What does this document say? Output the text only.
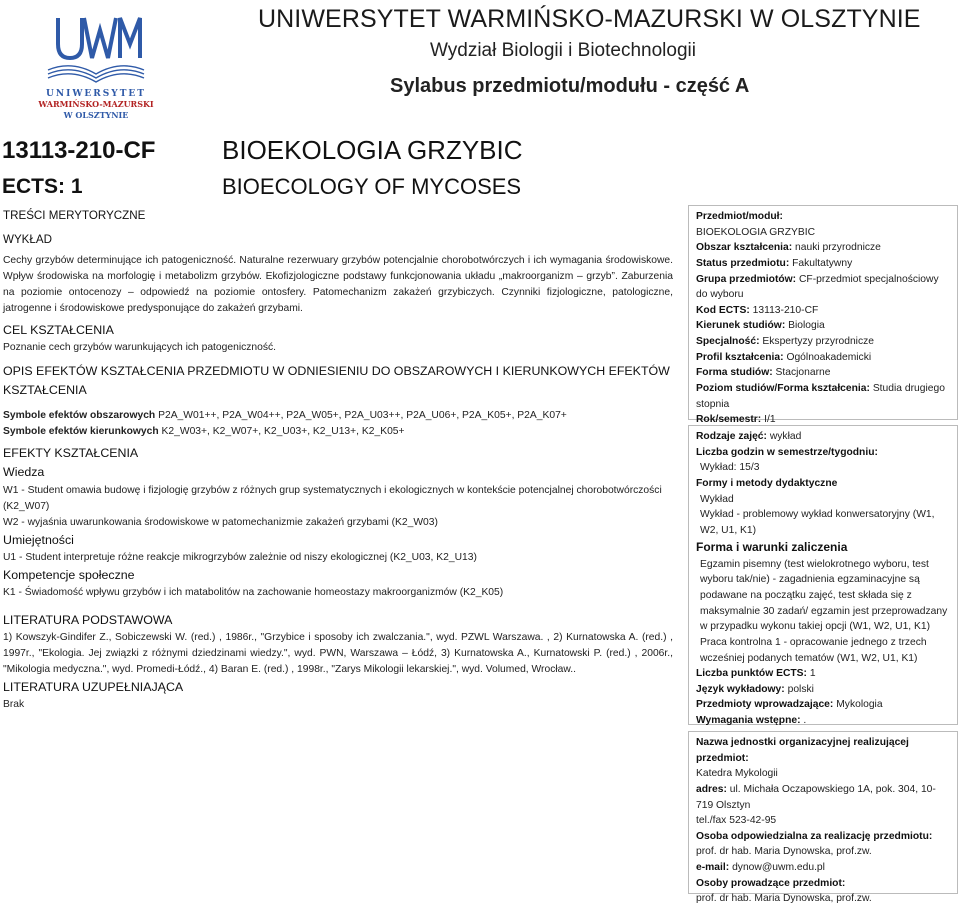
UNIWERSYTET
WARMIŃSKO-MAZURSKI
W OLSZTYNIE
UNIWERSYTET WARMIŃSKO-MAZURSKI W OLSZTYNIE
Wydział Biologii i Biotechnologii
Sylabus przedmiotu/modułu - część A
13113-210-CF
ECTS: 1
BIOEKOLOGIA GRZYBIC
BIOECOLOGY OF MYCOSES

TREŚCI MERYTORYCZNE

WYKŁAD

Cechy grzybów determinujące ich patogeniczność. Naturalne rezerwuary grzybów potencjalnie chorobotwórczych i ich wymagania środowiskowe. Wpływ środowiska na morfologię i metabolizm grzybów. Ekofizjologiczne podstawy funkcjonowania układu „makroorganizm – grzyb”. Zaburzenia na poziomie ontocenozy – odpowiedź na poziomie ontosfery. Patomechanizm zakażeń grzybiczych. Czynniki fizjologiczne, patologiczne, jatrogenne i środowiskowe predysponujące do zakażeń grzybami.

CEL KSZTAŁCENIA

Poznanie cech grzybów warunkujących ich patogeniczność.

OPIS EFEKTÓW KSZTAŁCENIA PRZEDMIOTU W ODNIESIENIU DO OBSZAROWYCH I KIERUNKOWYCH EFEKTÓW KSZTAŁCENIA

Symbole efektów obszarowych P2A_W01++, P2A_W04++, P2A_W05+, P2A_U03++, P2A_U06+, P2A_K05+, P2A_K07+

Symbole efektów kierunkowych K2_W03+, K2_W07+, K2_U03+, K2_U13+, K2_K05+

EFEKTY KSZTAŁCENIA

Wiedza

W1 - Student omawia budowę i fizjologię grzybów z różnych grup systematycznych i ekologicznych w kontekście potencjalnej chorobotwórczości (K2_W07)

W2 - wyjaśnia uwarunkowania środowiskowe w patomechanizmie zakażeń grzybami (K2_W03)

Umiejętności

U1 - Student interpretuje różne reakcje mikrogrzybów zależnie od niszy ekologicznej (K2_U03, K2_U13)

Kompetencje społeczne

K1 - Świadomość wpływu grzybów i ich matabolitów na zachowanie homeostazy makroorganizmów (K2_K05)

LITERATURA PODSTAWOWA

1) Kowszyk-Gindifer Z., Sobiczewski W. (red.) , 1986r., "Grzybice i sposoby ich zwalczania.", wyd. PZWL Warszawa. , 2) Kurnatowska A. (red.) , 1997r., "Ekologia. Jej związki z różnymi dziedzinami wiedzy.", wyd. PWN, Warszawa – Łódź, 3) Kurnatowska A., Kurnatowski P. (red.) , 2006r., "Mikologia medyczna.", wyd. Promedi-Łódź., 4) Baran E. (red.) , 1998r., "Zarys Mikologii lekarskiej.", wyd. Volumed, Wrocław..

LITERATURA UZUPEŁNIAJĄCA

Brak

Przedmiot/moduł:
BIOEKOLOGIA GRZYBIC
Obszar kształcenia: nauki przyrodnicze
Status przedmiotu: Fakultatywny
Grupa przedmiotów: CF-przedmiot specjalnościowy do wyboru
Kod ECTS: 13113-210-CF
Kierunek studiów: Biologia
Specjalność: Ekspertyzy przyrodnicze
Profil kształcenia: Ogólnoakademicki
Forma studiów: Stacjonarne
Poziom studiów/Forma kształcenia: Studia drugiego stopnia
Rok/semestr: I/1
Rodzaje zajęć: wykład
Liczba godzin w semestrze/tygodniu:

Wykład: 15/3
Formy i metody dydaktyczne

Wykład
Wykład - problemowy wykład konwersatoryjny (W1, W2, U1, K1)
Forma i warunki zaliczenia
Egzamin pisemny (test wielokrotnego wyboru, test wyboru tak/nie) - zagadnienia egzaminacyjne są podawane na początku zajęć, test składa się z maksymalnie 30 zadań/ egzamin jest przeprowadzany w przypadku wykonu takiej opcji (W1, W2, U1, K1)
Praca kontrolna 1 - opracowanie jednego z trzech wcześniej podanych tematów (W1, W2, U1, K1)
Liczba punktów ECTS: 1
Język wykładowy: polski
Przedmioty wprowadzające: Mykologia
Wymagania wstępne: .
Nazwa jednostki organizacyjnej realizującej przedmiot:
Katedra Mykologii
adres: ul. Michała Oczapowskiego 1A, pok. 304, 10-719 Olsztyn
tel./fax 523-42-95
Osoba odpowiedzialna za realizację przedmiotu:
prof. dr hab. Maria Dynowska, prof.zw.
e-mail: dynow@uwm.edu.pl
Osoby prowadzące przedmiot:
prof. dr hab. Maria Dynowska, prof.zw.
